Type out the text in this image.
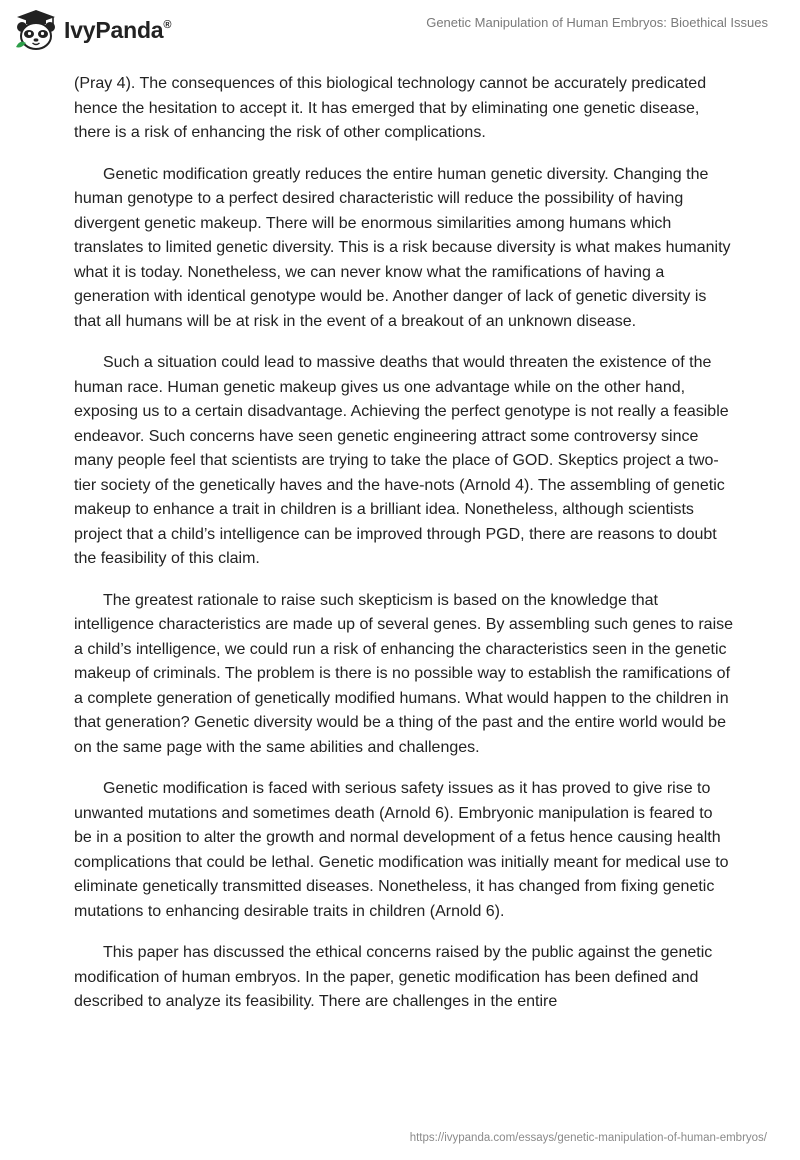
IvyPanda®	Genetic Manipulation of Human Embryos: Bioethical Issues

(Pray 4). The consequences of this biological technology cannot be accurately predicated hence the hesitation to accept it. It has emerged that by eliminating one genetic disease, there is a risk of enhancing the risk of other complications.

Genetic modification greatly reduces the entire human genetic diversity. Changing the human genotype to a perfect desired characteristic will reduce the possibility of having divergent genetic makeup. There will be enormous similarities among humans which translates to limited genetic diversity. This is a risk because diversity is what makes humanity what it is today. Nonetheless, we can never know what the ramifications of having a generation with identical genotype would be. Another danger of lack of genetic diversity is that all humans will be at risk in the event of a breakout of an unknown disease.

Such a situation could lead to massive deaths that would threaten the existence of the human race. Human genetic makeup gives us one advantage while on the other hand, exposing us to a certain disadvantage. Achieving the perfect genotype is not really a feasible endeavor. Such concerns have seen genetic engineering attract some controversy since many people feel that scientists are trying to take the place of GOD. Skeptics project a two-tier society of the genetically haves and the have-nots (Arnold 4). The assembling of genetic makeup to enhance a trait in children is a brilliant idea. Nonetheless, although scientists project that a child’s intelligence can be improved through PGD, there are reasons to doubt the feasibility of this claim.

The greatest rationale to raise such skepticism is based on the knowledge that intelligence characteristics are made up of several genes. By assembling such genes to raise a child’s intelligence, we could run a risk of enhancing the characteristics seen in the genetic makeup of criminals. The problem is there is no possible way to establish the ramifications of a complete generation of genetically modified humans. What would happen to the children in that generation? Genetic diversity would be a thing of the past and the entire world would be on the same page with the same abilities and challenges.

Genetic modification is faced with serious safety issues as it has proved to give rise to unwanted mutations and sometimes death (Arnold 6). Embryonic manipulation is feared to be in a position to alter the growth and normal development of a fetus hence causing health complications that could be lethal. Genetic modification was initially meant for medical use to eliminate genetically transmitted diseases. Nonetheless, it has changed from fixing genetic mutations to enhancing desirable traits in children (Arnold 6).

This paper has discussed the ethical concerns raised by the public against the genetic modification of human embryos. In the paper, genetic modification has been defined and described to analyze its feasibility. There are challenges in the entire

https://ivypanda.com/essays/genetic-manipulation-of-human-embryos/
